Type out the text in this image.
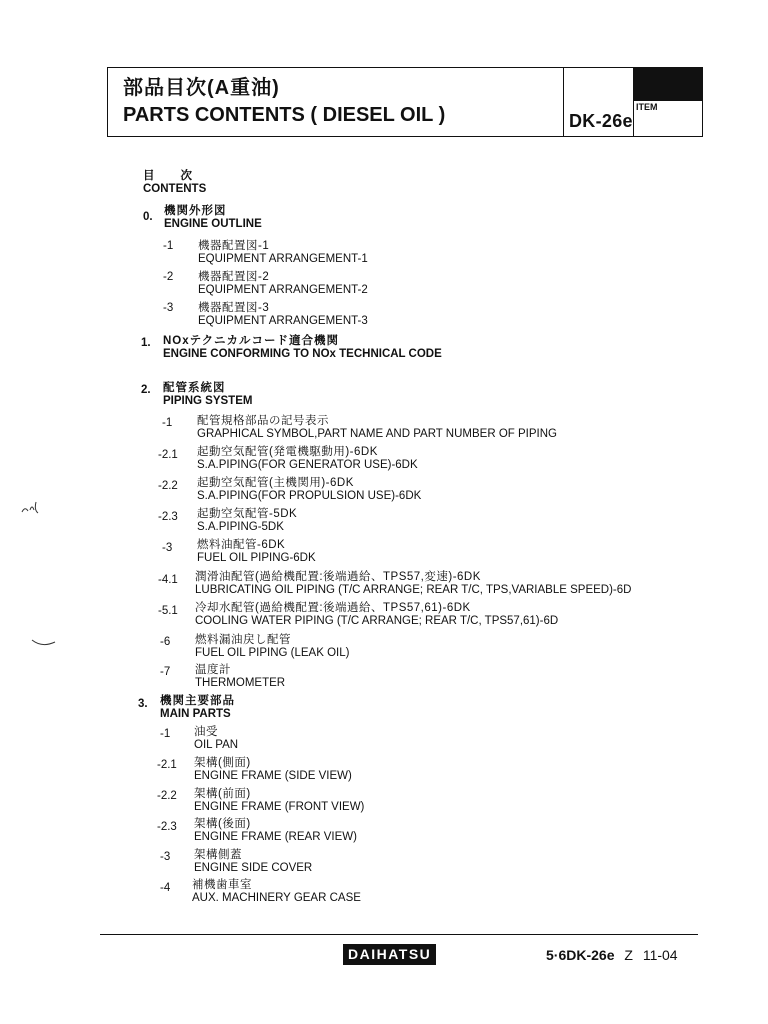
部品目次(A重油)
PARTS CONTENTS ( DIESEL OIL )	DK-26e
ITEM
目　　次
CONTENTS
0. 機関外形図
ENGINE OUTLINE
-1 機器配置図-1
EQUIPMENT ARRANGEMENT-1
-2 機器配置図-2
EQUIPMENT ARRANGEMENT-2
-3 機器配置図-3
EQUIPMENT ARRANGEMENT-3
1. NOxテクニカルコード適合機関
ENGINE CONFORMING TO NOx TECHNICAL CODE
2. 配管系統図
PIPING SYSTEM
-1 配管規格部品の記号表示
GRAPHICAL SYMBOL,PART NAME AND PART NUMBER OF PIPING
-2.1 起動空気配管(発電機駆動用)-6DK
S.A.PIPING(FOR GENERATOR USE)-6DK
-2.2 起動空気配管(主機関用)-6DK
S.A.PIPING(FOR PROPULSION USE)-6DK
-2.3 起動空気配管-5DK
S.A.PIPING-5DK
-3 燃料油配管-6DK
FUEL OIL PIPING-6DK
-4.1 潤滑油配管(過給機配置:後端過給、TPS57,変速)-6DK
LUBRICATING OIL PIPING (T/C ARRANGE; REAR T/C, TPS,VARIABLE SPEED)-6D
-5.1 冷却水配管(過給機配置:後端過給、TPS57,61)-6DK
COOLING WATER PIPING (T/C ARRANGE; REAR T/C, TPS57,61)-6D
-6 燃料漏油戻し配管
FUEL OIL PIPING (LEAK OIL)
-7 温度計
THERMOMETER
3. 機関主要部品
MAIN PARTS
-1 油受
OIL PAN
-2.1 架構(側面)
ENGINE FRAME (SIDE VIEW)
-2.2 架構(前面)
ENGINE FRAME (FRONT VIEW)
-2.3 架構(後面)
ENGINE FRAME (REAR VIEW)
-3 架構側蓋
ENGINE SIDE COVER
-4 補機歯車室
AUX. MACHINERY GEAR CASE
DAIHATSU	5·6DK-26e Z 11-04
